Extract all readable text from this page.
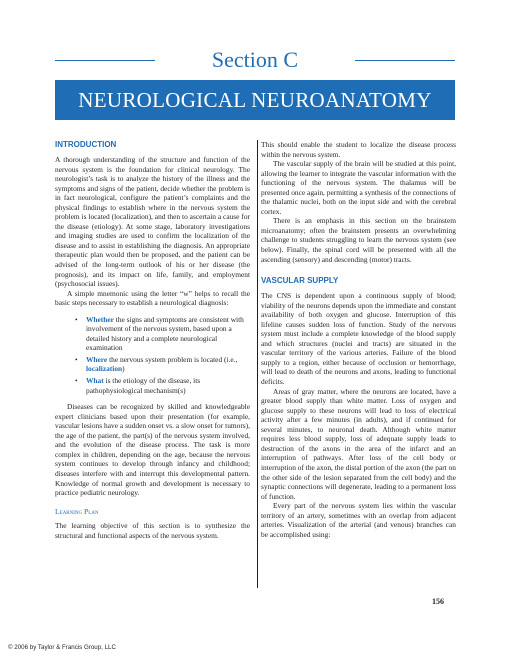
Section C
NEUROLOGICAL NEUROANATOMY
INTRODUCTION

A thorough understanding of the structure and function of the nervous system is the foundation for clinical neurology. The neurologist’s task is to analyze the history of the illness and the symptoms and signs of the patient, decide whether the problem is in fact neurological, configure the patient’s complaints and the physical findings to establish where in the nervous system the problem is located (localization), and then to ascertain a cause for the disease (etiology). At some stage, laboratory investigations and imaging studies are used to confirm the localization of the disease and to assist in establishing the diagnosis. An appropriate therapeutic plan would then be proposed, and the patient can be advised of the long-term outlook of his or her disease (the prognosis), and its impact on life, family, and employment (psychosocial issues).

A simple mnemonic using the letter “w” helps to recall the basic steps necessary to establish a neurological diagnosis:

• Whether the signs and symptoms are consistent with involvement of the nervous system, based upon a detailed history and a complete neurological examination
• Where the nervous system problem is located (i.e., localization)
• What is the etiology of the disease, its pathophysiological mechanism(s)

Diseases can be recognized by skilled and knowledgeable expert clinicians based upon their presentation (for example, vascular lesions have a sudden onset vs. a slow onset for tumors), the age of the patient, the part(s) of the nervous system involved, and the evolution of the disease process. The task is more complex in children, depending on the age, because the nervous system continues to develop through infancy and childhood; diseases interfere with and interrupt this developmental pattern. Knowledge of normal growth and development is necessary to practice pediatric neurology.

Learning Plan

The learning objective of this section is to synthesize the structural and functional aspects of the nervous system.

This should enable the student to localize the disease process within the nervous system.

The vascular supply of the brain will be studied at this point, allowing the learner to integrate the vascular information with the functioning of the nervous system. The thalamus will be presented once again, permitting a synthesis of the connections of the thalamic nuclei, both on the input side and with the cerebral cortex.

There is an emphasis in this section on the brainstem microanatomy; often the brainstem presents an overwhelming challenge to students struggling to learn the nervous system (see below). Finally, the spinal cord will be presented with all the ascending (sensory) and descending (motor) tracts.

VASCULAR SUPPLY

The CNS is dependent upon a continuous supply of blood; viability of the neurons depends upon the immediate and constant availability of both oxygen and glucose. Interruption of this lifeline causes sudden loss of function. Study of the nervous system must include a complete knowledge of the blood supply and which structures (nuclei and tracts) are situated in the vascular territory of the various arteries. Failure of the blood supply to a region, either because of occlusion or hemorrhage, will lead to death of the neurons and axons, leading to functional deficits.

Areas of gray matter, where the neurons are located, have a greater blood supply than white matter. Loss of oxygen and glucose supply to these neurons will lead to loss of electrical activity after a few minutes (in adults), and if continued for several minutes, to neuronal death. Although white matter requires less blood supply, loss of adequate supply leads to destruction of the axons in the area of the infarct and an interruption of pathways. After loss of the cell body or interruption of the axon, the distal portion of the axon (the part on the other side of the lesion separated from the cell body) and the synaptic connections will degenerate, leading to a permanent loss of function.

Every part of the nervous system lies within the vascular territory of an artery, sometimes with an overlap from adjacent arteries. Visualization of the arterial (and venous) branches can be accomplished using:

156
© 2006 by Taylor & Francis Group, LLC
